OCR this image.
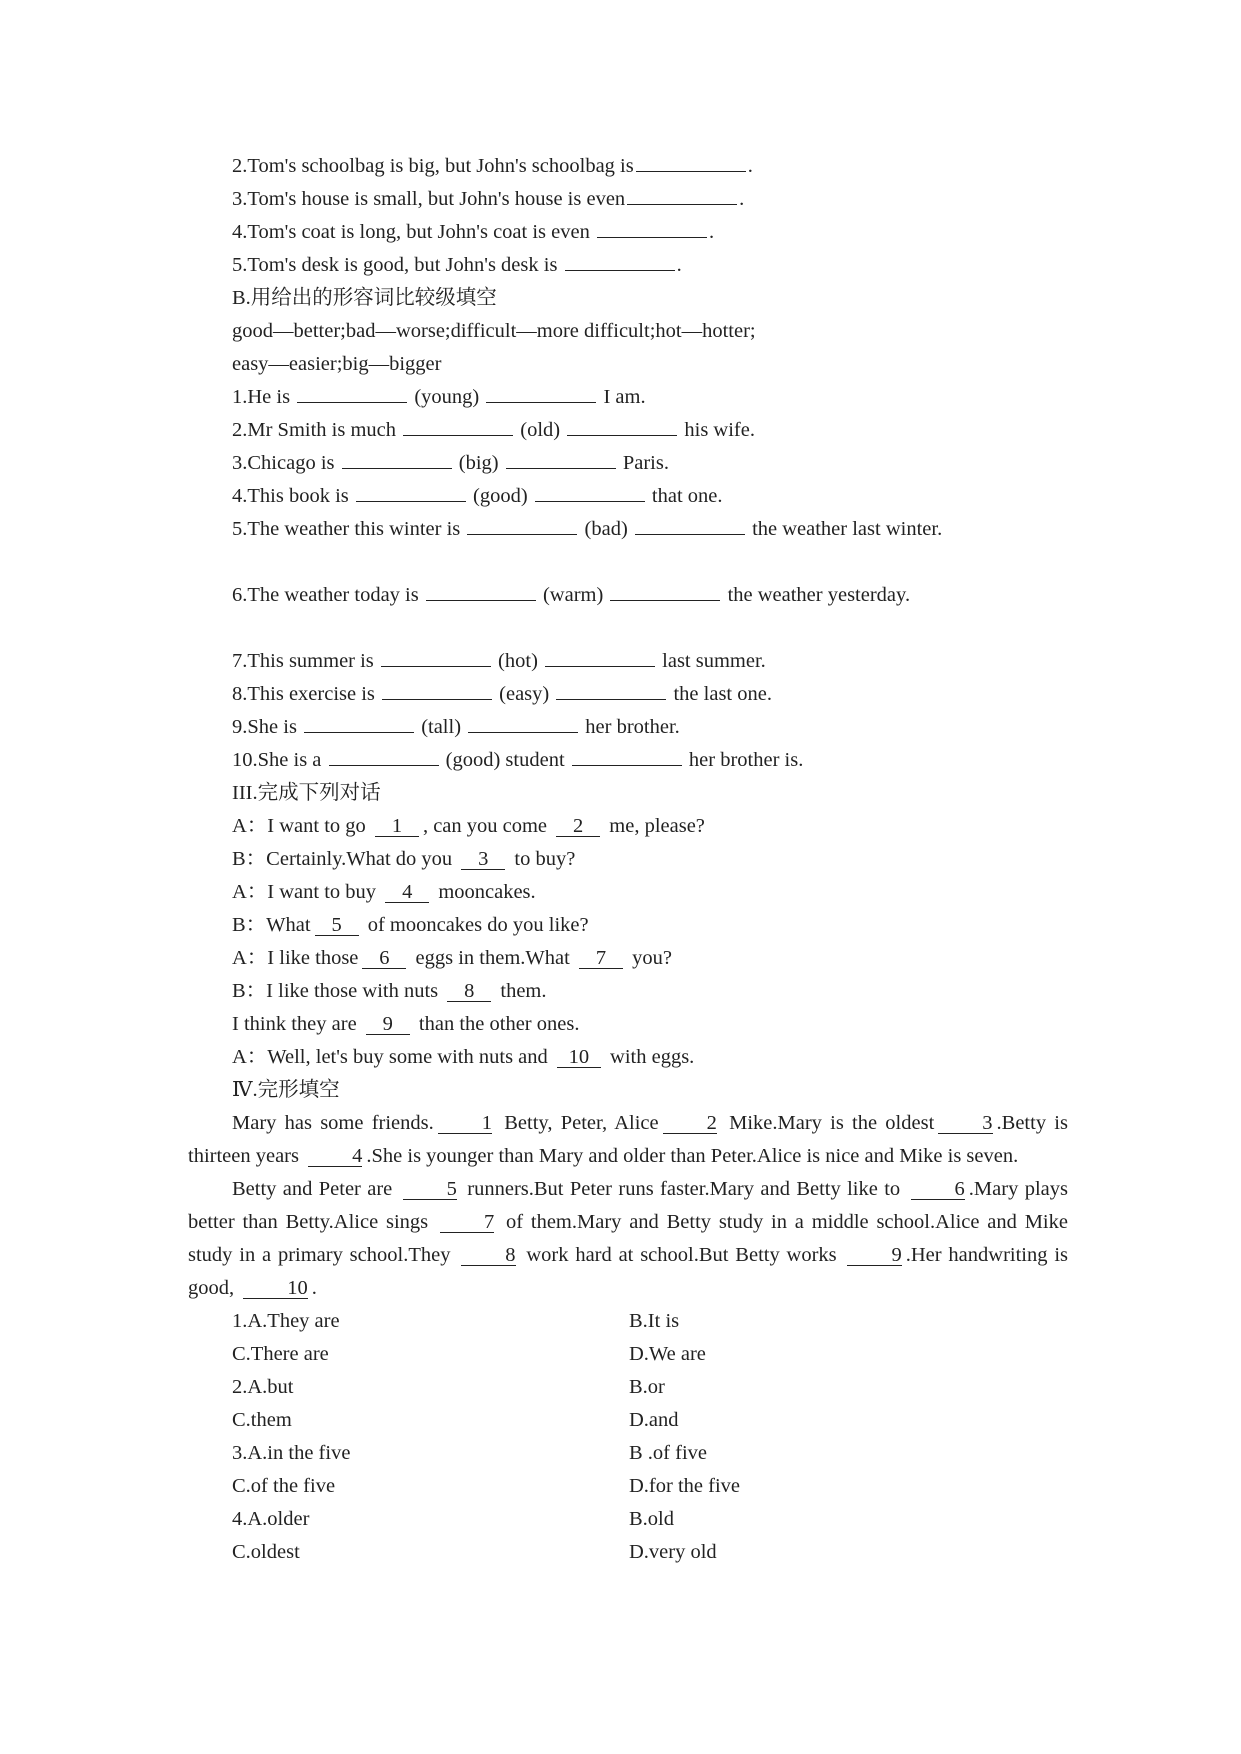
2.Tom's schoolbag is big, but John's schoolbag is	.
3.Tom's house is small, but John's house is even	.
4.Tom's coat is long, but John's coat is even	.
5.Tom's desk is good, but John's desk is	.
B.用给出的形容词比较级填空
good—better;bad—worse;difficult—more difficult;hot—hotter;
easy—easier;big—bigger
1.He is	(young)	I am.
2.Mr Smith is much	(old)	his wife.
3.Chicago is	(big)	Paris.
4.This book is	(good)	that one.
5.The weather this winter is	(bad)	the weather last winter.
6.The weather today is	(warm)	the weather yesterday.
7.This summer is	(hot)	last summer.
8.This exercise is	(easy)	the last one.
9.She is	(tall)	her brother.
10.She is a	(good) student	her brother is.
III.完成下列对话
A：I want to go 1 , can you come 2 me, please?
B：Certainly.What do you 3 to buy?
A：I want to buy 4 mooncakes.
B：What 5 of mooncakes do you like?
A：I like those 6 eggs in them.What 7 you?
B：I like those with nuts 8 them.
I think they are 9 than the other ones.
A：Well, let's buy some with nuts and 10 with eggs.
Ⅳ.完形填空
Mary has some friends. 1 Betty, Peter, Alice 2 Mike.Mary is the oldest 3 .Betty is thirteen years 4 .She is younger than Mary and older than Peter.Alice is nice and Mike is seven.
Betty and Peter are 5 runners.But Peter runs faster.Mary and Betty like to 6 .Mary plays better than Betty.Alice sings 7 of them.Mary and Betty study in a middle school.Alice and Mike study in a primary school.They 8 work hard at school.But Betty works 9 .Her handwriting is good, 10 .
1.A.They are	B.It is
C.There are	D.We are
2.A.but	B.or
C.them	D.and
3.A.in the five	B .of five
C.of the five	D.for the five
4.A.older	B.old
C.oldest	D.very old
